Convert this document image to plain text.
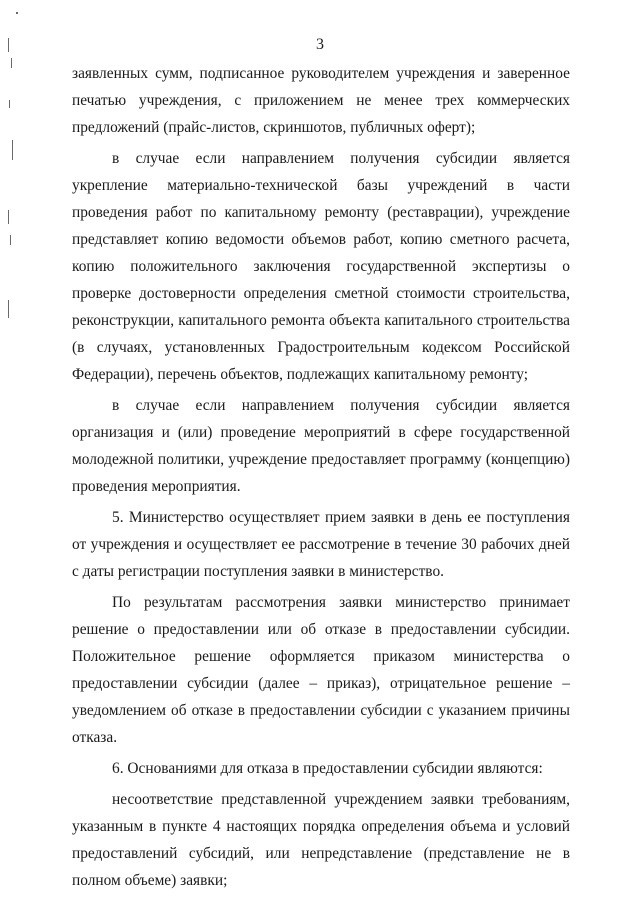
3

заявленных сумм, подписанное руководителем учреждения и заверенное печатью учреждения, с приложением не менее трех коммерческих предложений (прайс-листов, скриншотов, публичных оферт);

в случае если направлением получения субсидии является укрепление материально-технической базы учреждений в части проведения работ по капитальному ремонту (реставрации), учреждение представляет копию ведомости объемов работ, копию сметного расчета, копию положительного заключения государственной экспертизы о проверке достоверности определения сметной стоимости строительства, реконструкции, капитального ремонта объекта капитального строительства (в случаях, установленных Градостроительным кодексом Российской Федерации), перечень объектов, подлежащих капитальному ремонту;

в случае если направлением получения субсидии является организация и (или) проведение мероприятий в сфере государственной молодежной политики, учреждение предоставляет программу (концепцию) проведения мероприятия.

5. Министерство осуществляет прием заявки в день ее поступления от учреждения и осуществляет ее рассмотрение в течение 30 рабочих дней с даты регистрации поступления заявки в министерство.

По результатам рассмотрения заявки министерство принимает решение о предоставлении или об отказе в предоставлении субсидии. Положительное решение оформляется приказом министерства о предоставлении субсидии (далее – приказ), отрицательное решение – уведомлением об отказе в предоставлении субсидии с указанием причины отказа.

6. Основаниями для отказа в предоставлении субсидии являются:

несоответствие представленной учреждением заявки требованиям, указанным в пункте 4 настоящих порядка определения объема и условий предоставлений субсидий, или непредставление (представление не в полном объеме) заявки;
